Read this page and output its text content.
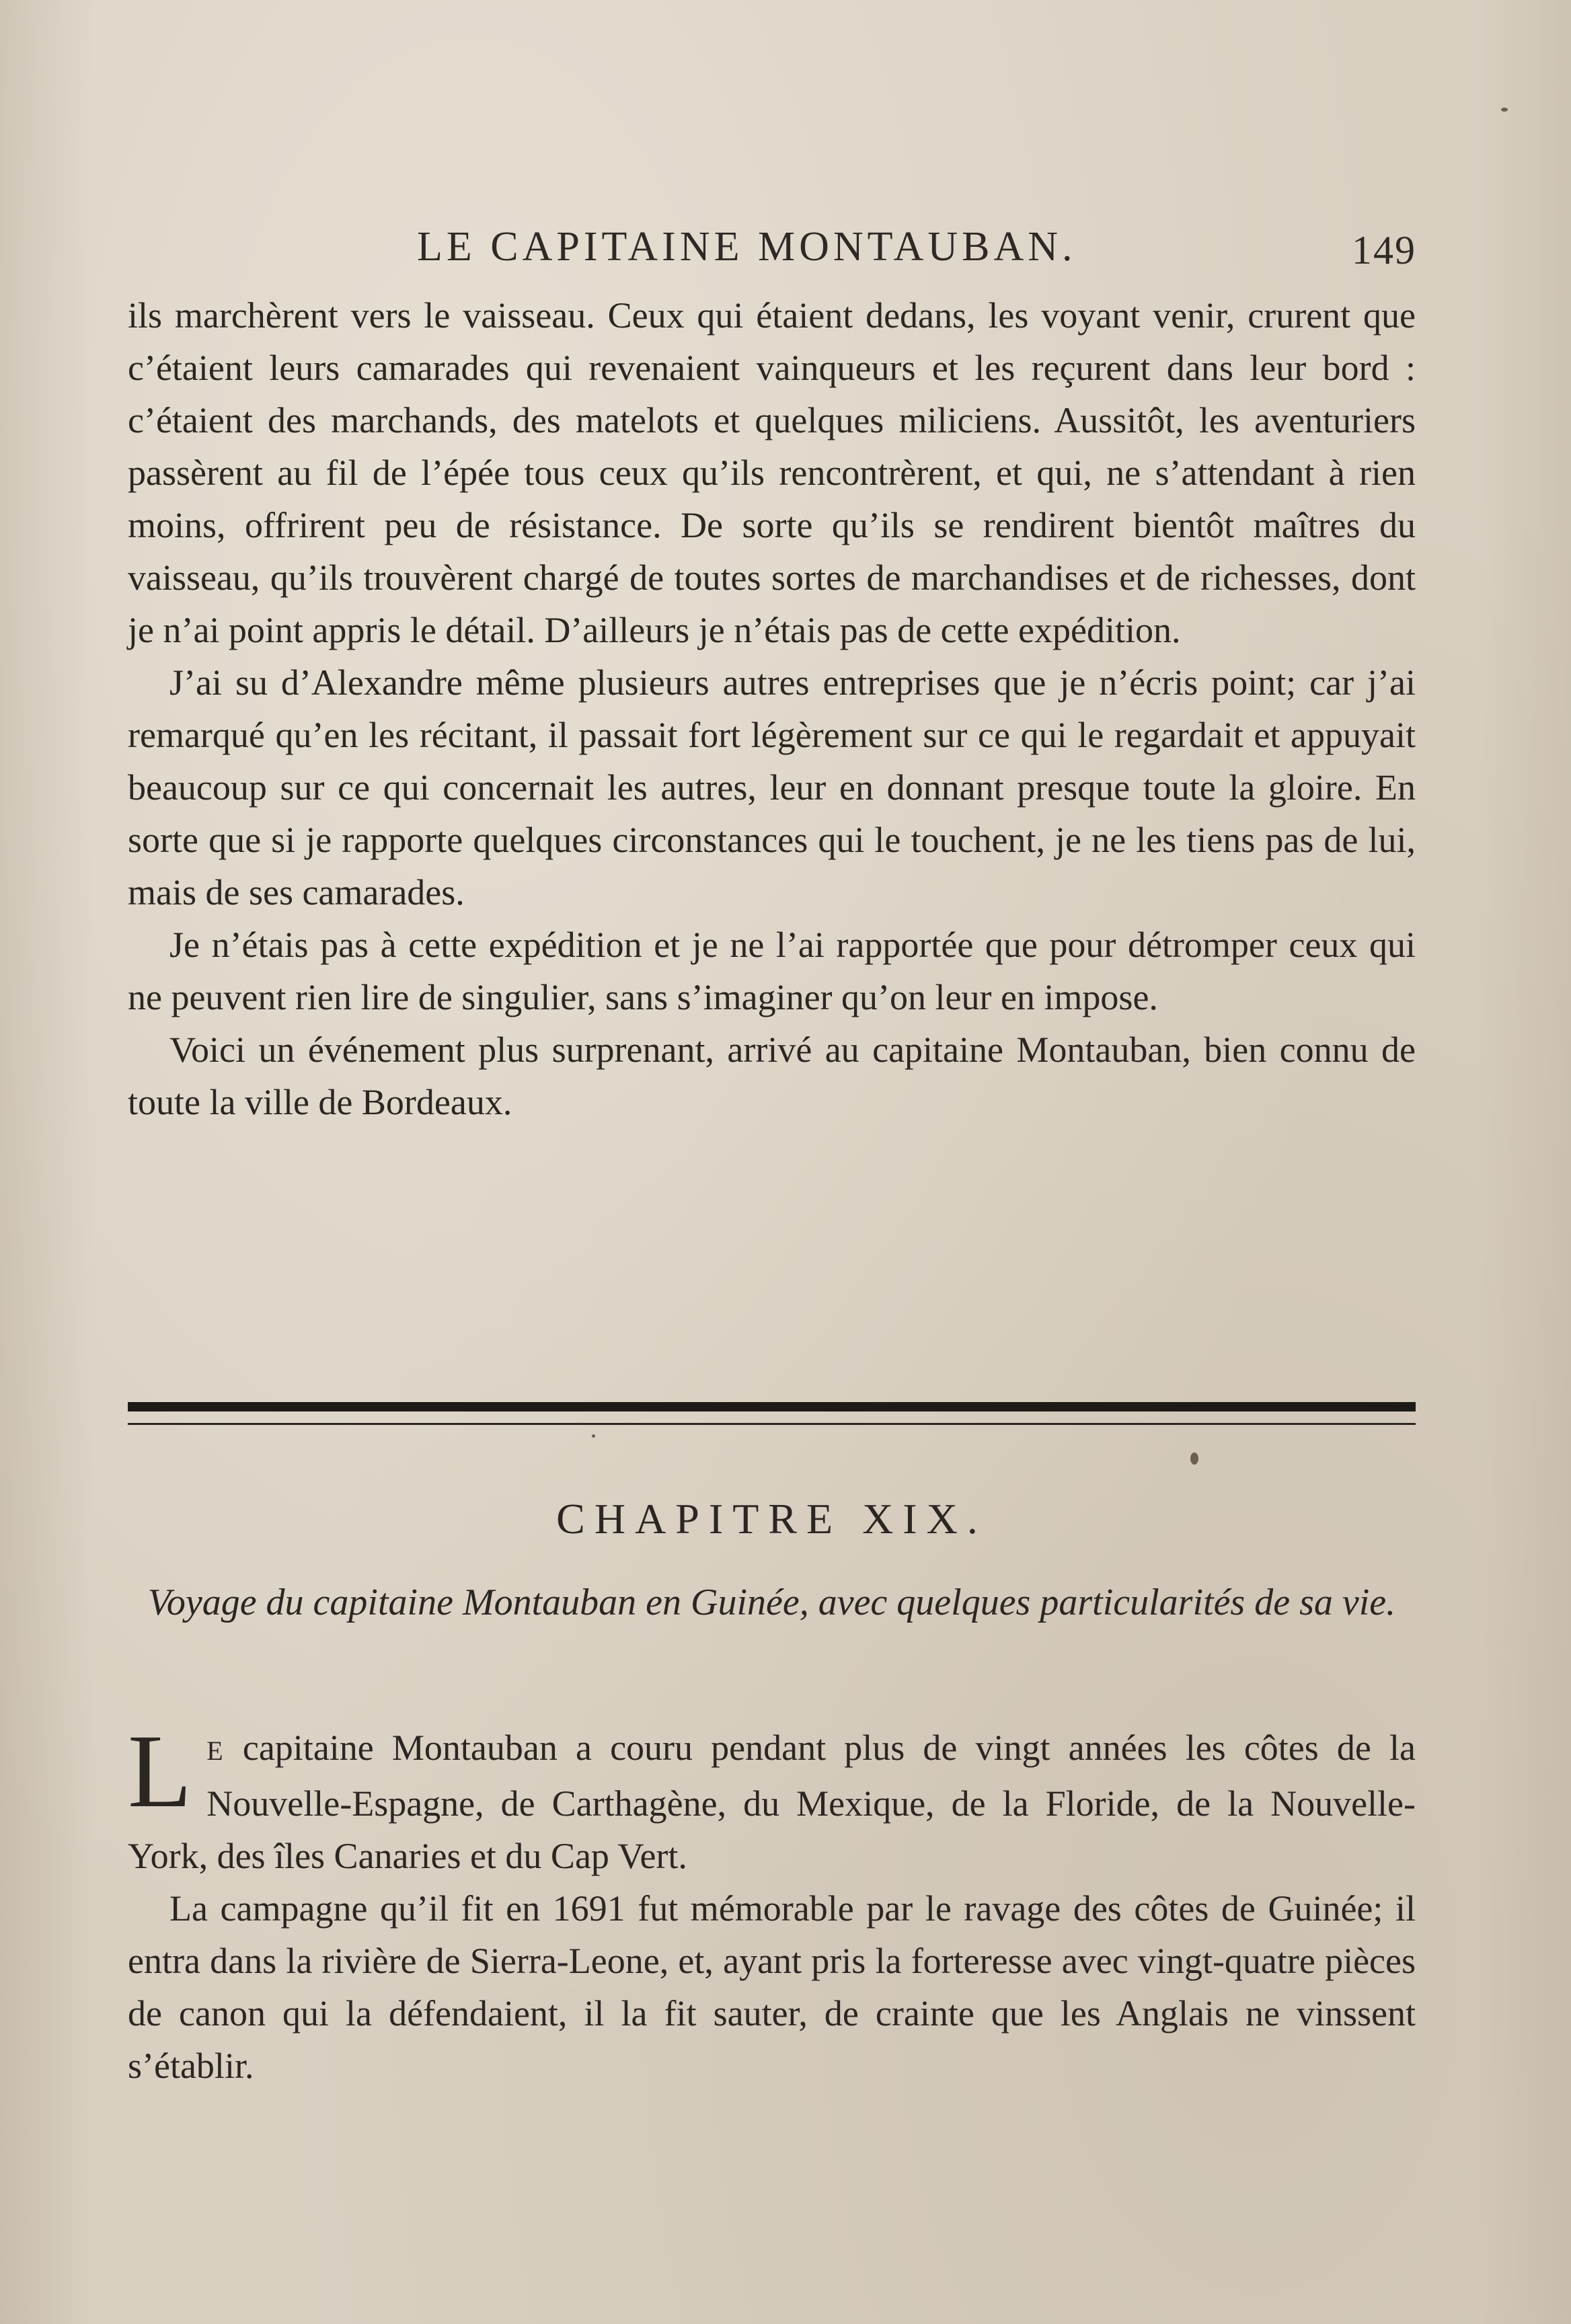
LE CAPITAINE MONTAUBAN.	149

ils marchèrent vers le vaisseau. Ceux qui étaient dedans, les voyant venir, crurent que c’étaient leurs camarades qui revenaient vainqueurs et les reçurent dans leur bord : c’étaient des marchands, des matelots et quelques miliciens. Aussitôt, les aventuriers passèrent au fil de l’épée tous ceux qu’ils rencontrèrent, et qui, ne s’attendant à rien moins, offrirent peu de résistance. De sorte qu’ils se rendirent bientôt maîtres du vaisseau, qu’ils trouvèrent chargé de toutes sortes de marchandises et de richesses, dont je n’ai point appris le détail. D’ailleurs je n’étais pas de cette expédition.

J’ai su d’Alexandre même plusieurs autres entreprises que je n’écris point; car j’ai remarqué qu’en les récitant, il passait fort légèrement sur ce qui le regardait et appuyait beaucoup sur ce qui concernait les autres, leur en donnant presque toute la gloire. En sorte que si je rapporte quelques circonstances qui le touchent, je ne les tiens pas de lui, mais de ses camarades.

Je n’étais pas à cette expédition et je ne l’ai rapportée que pour détromper ceux qui ne peuvent rien lire de singulier, sans s’imaginer qu’on leur en impose.

Voici un événement plus surprenant, arrivé au capitaine Montauban, bien connu de toute la ville de Bordeaux.

CHAPITRE XIX.
Voyage du capitaine Montauban en Guinée, avec quelques particularités de sa vie.

L E capitaine Montauban a couru pendant plus de vingt années les côtes de la Nouvelle-Espagne, de Carthagène, du Mexique, de la Floride, de la Nouvelle-York, des îles Canaries et du Cap Vert.

La campagne qu’il fit en 1691 fut mémorable par le ravage des côtes de Guinée; il entra dans la rivière de Sierra-Leone, et, ayant pris la forteresse avec vingt-quatre pièces de canon qui la défendaient, il la fit sauter, de crainte que les Anglais ne vinssent s’établir.
